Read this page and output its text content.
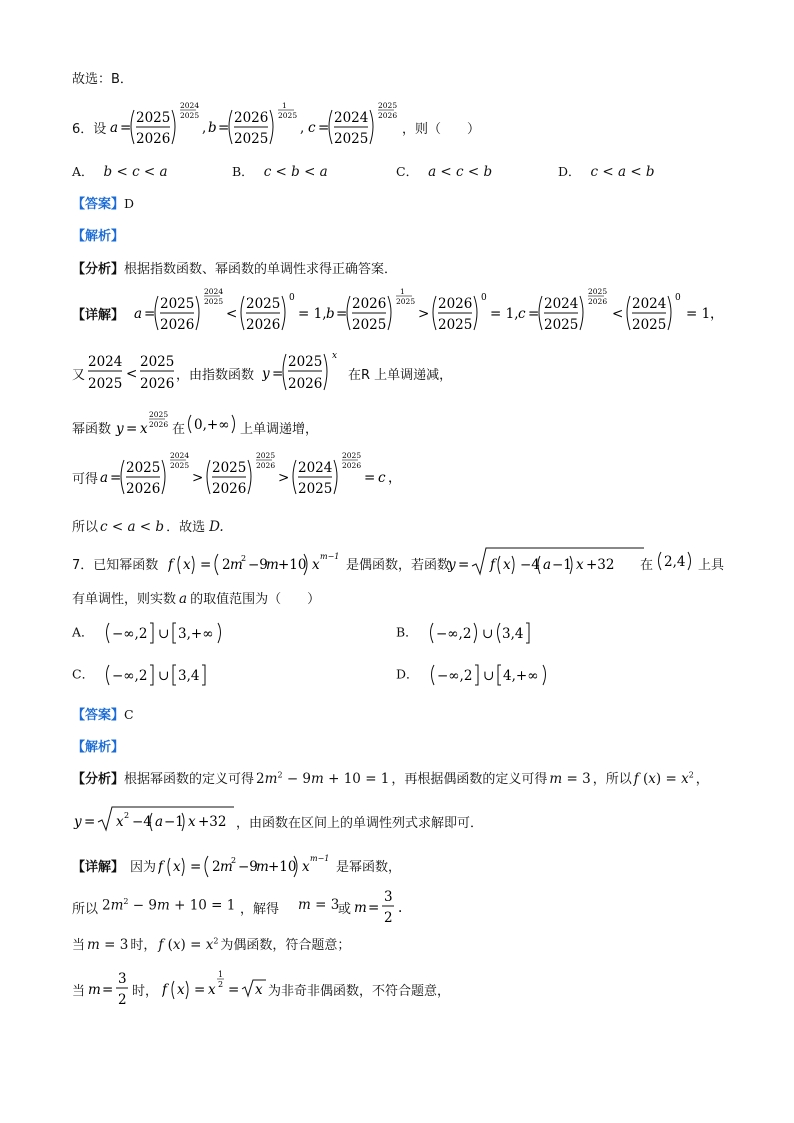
故选：B．
6．设 a =
2025
2026
2024
2025
, b =
2026
2025
1
2025
, c =
2024
2025
2025
2026
，则（　　）
A． b < c < a	B． c < b < a	C． a < c < b	D． c < a < b
【答案】D
【解析】
【分析】根据指数函数、幂函数的单调性求得正确答案．
【详解】 a =
2025
2026
2024
2025
<
2025
2026
0
= 1, b =
2026
2025
1
2025
>
2026
2025
0
= 1, c =
2024
2025
2025
2026
<
2024
2025
0
= 1 ，
又
2024
2025
<
2025
2026
，由指数函数 y =
2025
2026
x
在R 上单调递减，
幂函数 y = x
2025
2026 在 0,+∞ 上单调递增，
可得 a =
2025
2026
2024
2025
>
2025
2026
2025
2026
>
2024
2025
2025
2026
= c ，
所以 c < a < b ．故选 D.
7．已知幂函数 f x = 2 m
2 −9
m +10 x
m−1
是偶函数，若函数
y = f x −4 a −1 x +32 在 2,4 上具
有单调性，则实数 a 的取值范围为（　　）
A． −∞,2 ∪ 3,+∞	B． −∞,2 ∪ 3,4
C． −∞,2 ∪ 3,4	D． −∞,2 ∪ 4,+∞
【答案】C
【解析】
【分析】根据幂函数的定义可得 $2m^2 - 9m + 10 = 1$ ，再根据偶函数的定义可得 m = 3 ，所以 f $(x) = x^2$ ，
y = x 2 −4 a −1 x +32 ，由函数在区间上的单调性列式求解即可．
【详解】 因为 f x = 2 m
2 −9
m +10 x
m−1
是幂函数，
所以 $2m^2 - 9m + 10 = 1$ ，解得 m = 3
或 m =
3
2
.
当 m = 3 时， f $(x) = x^2$ 为偶函数，符合题意；
当 m =
3
2
时， f x = x
1
2 = x 为非奇非偶函数，不符合题意，
